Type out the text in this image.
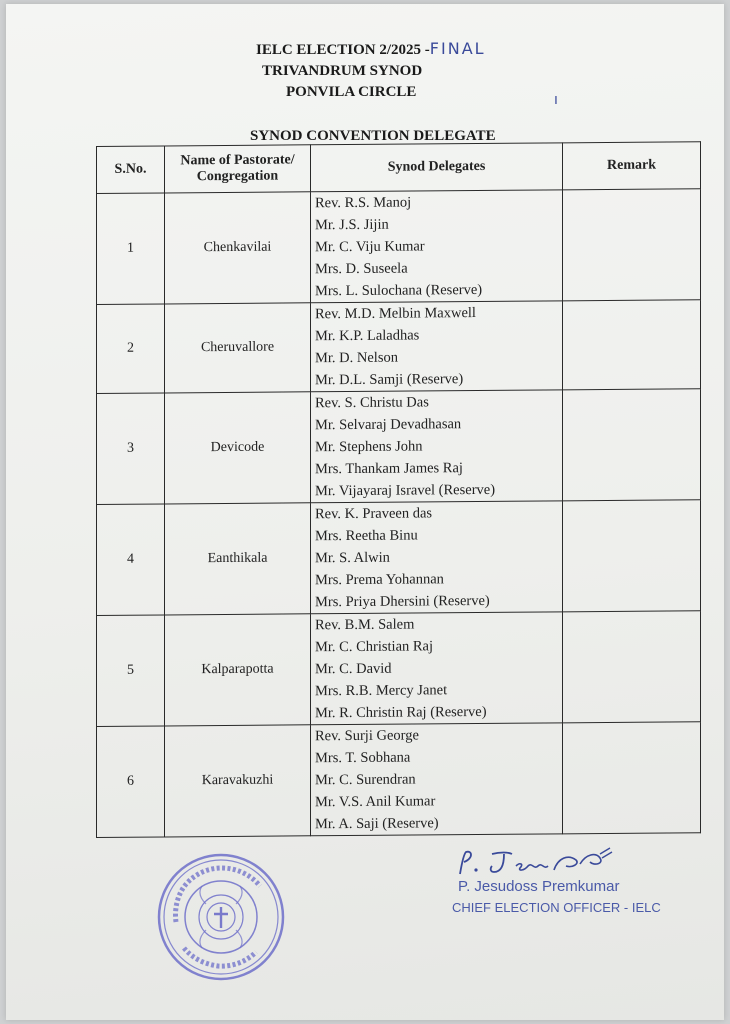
IELC ELECTION 2/2025 -FINAL
TRIVANDRUM SYNOD
PONVILA CIRCLE	ı
SYNOD CONVENTION DELEGATE
S.No.	Name of Pastorate/ Congregation	Synod Delegates	Remark
1	Chenkavilai	Rev. R.S. Manoj
Mr. J.S. Jijin
Mr. C. Viju Kumar
Mrs. D. Suseela
Mrs. L. Sulochana (Reserve)	

2	Cheruvallore	Rev. M.D. Melbin Maxwell
Mr. K.P. Laladhas
Mr. D. Nelson
Mr. D.L. Samji (Reserve)	

3	Devicode	Rev. S. Christu Das
Mr. Selvaraj Devadhasan
Mr. Stephens John
Mrs. Thankam James Raj
Mr. Vijayaraj Isravel (Reserve)	

4	Eanthikala	Rev. K. Praveen das
Mrs. Reetha Binu
Mr. S. Alwin
Mrs. Prema Yohannan
Mrs. Priya Dhersini (Reserve)	

5	Kalparapotta	Rev. B.M. Salem
Mr. C. Christian Raj
Mr. C. David
Mrs. R.B. Mercy Janet
Mr. R. Christin Raj (Reserve)	

6	Karavakuzhi	Rev. Surji George
Mrs. T. Sobhana
Mr. C. Surendran
Mr. V.S. Anil Kumar
Mr. A. Saji (Reserve)	

P. Jesudoss Premkumar
CHIEF ELECTION OFFICER - IELC
